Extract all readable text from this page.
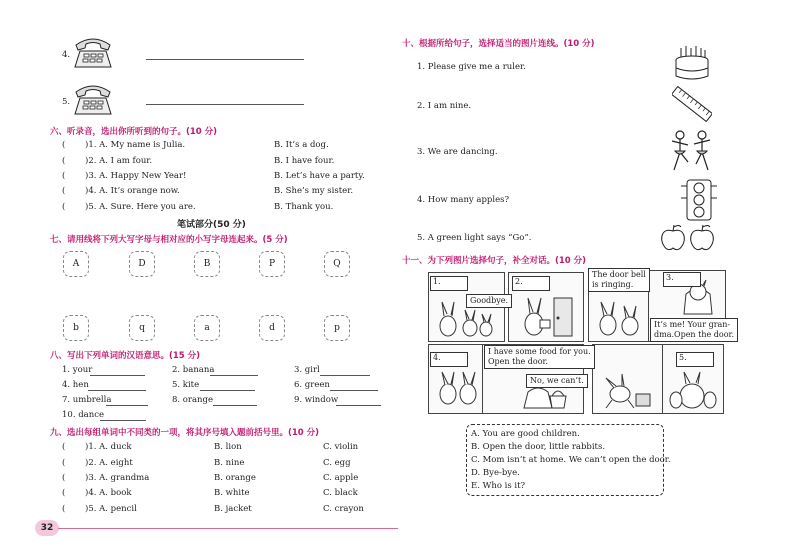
4.
5.
六、听录音，选出你所听到的句子。(10 分)
( )1. A. My name is Julia.	B. It’s a dog.
( )2. A. I am four.	B. I have four.
( )3. A. Happy New Year!	B. Let’s have a party.
( )4. A. It’s orange now.	B. She’s my sister.
( )5. A. Sure. Here you are.	B. Thank you.
笔试部分(50 分)
七、请用线将下列大写字母与相对应的小写字母连起来。(5 分)
A	D	B	P	Q
b	q	a	d	p
八、写出下列单词的汉语意思。(15 分)
1. your	2. banana	3. girl
4. hen	5. kite	6. green
7. umbrella	8. orange	9. window
10. dance
九、选出每组单词中不同类的一项，将其序号填入题前括号里。(10 分)
( )1. A. duck	B. lion	C. violin
( )2. A. eight	B. nine	C. egg
( )3. A. grandma	B. orange	C. apple
( )4. A. book	B. white	C. black
( )5. A. pencil	B. jacket	C. crayon
32
十、根据所给句子，选择适当的图片连线。(10 分)
1. Please give me a ruler.
2. I am nine.
3. We are dancing.
4. How many apples?
5. A green light says “Go”.
十一、为下列图片选择句子，补全对话。(10 分)
1.	2.	3.
4.	5.
Goodbye.
The door bell
is ringing.
It’s me! Your gran-
dma.Open the door.
I have some food for you.
Open the door.
No, we can’t.
A. You are good children.
B. Open the door, little rabbits.
C. Mom isn’t at home. We can’t open the door.
D. Bye-bye.
E. Who is it?
